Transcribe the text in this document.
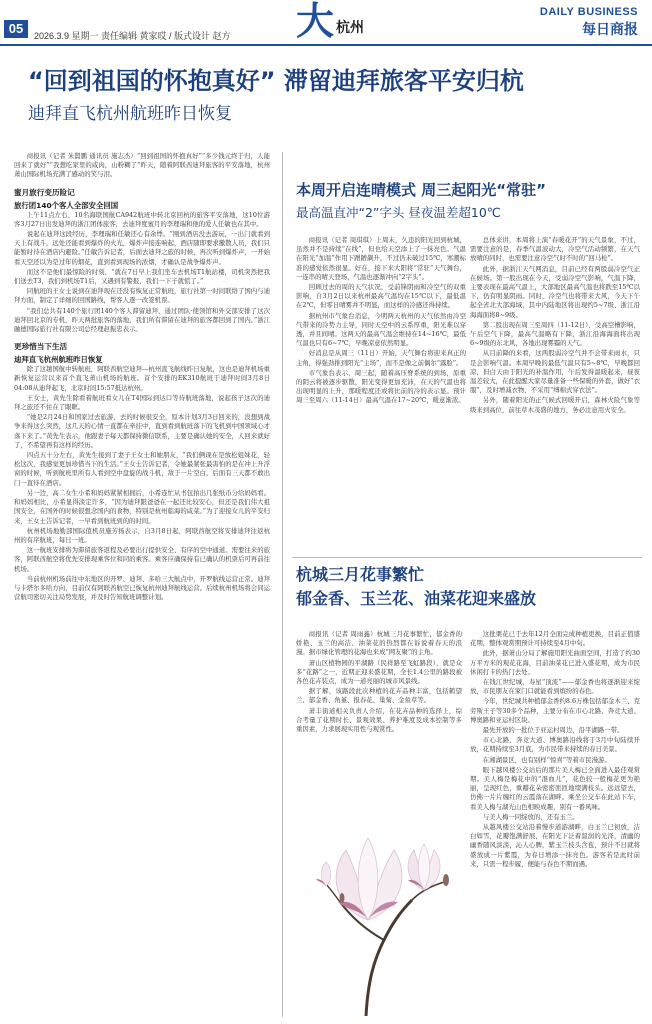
05	2026.3.9 星期一 责任编辑 黄家哎 / 版式设计 赵方 大 杭州
DAILY BUSINESS
每日商报
“回到祖国的怀抱真好” 滞留迪拜旅客平安归杭
迪拜直飞杭州航班昨日恢复

商报讯（记者 朱賢鹏 通讯员 施志杰）“回到祖国的怀抱真好”“多少钱元终于归，人能回来了就好”“我想吃家里的咸肉，山粉糊了”昨天，随着阿联酋迪拜旅客的平安落地，杭州萧山国际机场充满了感动的笑与泪。

蜜月旅行变历险记
旅行团140个客人全部安全回国

上午11点左右，10名海联国航CA942航班中转北京回杭的旅客平安落地，这10位游客3月27日出发迪拜的浙江团体旅客，去迪拜度蜜月的李理瑞和他的爱人任敏也在其中。

说起在迪拜这段经历，李理瑞和任敏还心有余悸。“刚到酒店没去游玩，一出门就看到天上有战斗，远处还能看到爆炸的火光，爆炸声接连响起，酒店随即要求撤散人员，我们只能暂时待在酒店内避险。”任敏告诉记者，后面去迪拜之旅的时候，再次听到爆炸声，一开始看天空还以为是过年的烟花，直到看到现场的浓烟，才确认是战争爆炸声。

而这不是他们最惊险的时刻，“就在7日早上我们坐车去机场T1航站楼，司机突然把我们送去T3，我们到机场T1后，又遇到有警报，我们一下子就慌了。”

同航班的王女士说到在迪拜现在还没有恢复正常航班，旅行社第一时间联络了国内与迪拜方面，制定了详细的回国路线，帮客人逐一改签机票。

“我们总共有140个旅行团140个客人滞留迪拜，通过团队·使领馆和外交部安排了这次迪拜回北京的专机，昨天两批旅客的落地，我们所有滞留在迪拜的旅客都回到了国内。”浙江融德国际旅行社有限公司总经理赵振忠表示。

更珍惜当下生活
迪拜直飞杭州航班昨日恢复

除了这趟国航中转航班，阿联酋航空迪拜—杭州直飞航线昨日复航，这也是迪拜机场重新恢复运营以来首个直飞萧山机场的航班。首个安排的EK310航班于迪拜时间3月8日04:08从迪拜起飞，北京时间15:57抵达杭州。

王女士，黄先生除看着航班看女儿在T4国际到达口等待航班落地，说起孩子这次的迪拜之旅还不住在了眼眶。

“她是2月24日和国家过去旅游，去的时候很安全，原本计划3月3日回来的，没想到战争来得这么突然，这几天的心情一直都在牵挂中，直到看到航班落下的飞机到中国领域心才落下来了。”黄先生表示，他跟妻子每天都保持微信联系，主要是确认她的安全，人回来就好了，不希望再有这样的经历。

四点五十分左右，黄先生接到了妻子王女士和她朋友，“我们俩现在是放松姐妹花，轻松这次，我感觉更加珍惜当下的生活。”王女士告诉记者，令她最紧张最害怕的是在冲上升浮窗的时候，听到航班里所有人看到空中盘旋的战斗机，敌于一片空白，后面有三天都不敢出门一直待在酒店。

另一边，高二女生小希和妈妈紧紧相拥后，小希连忙从书包拍出几张纸币分给妈妈看。和妈妈相比，小希显得淡定许多，“因为迪拜跟爸爸在一起还比较安心，但还是我们伟大祖国安全，在国外的时候很想念国内的食物，特别是杭州临海的咸菜。”为了迎接女儿的平安归来，王女士告诉记者，一早看到航班到的的时间。

杭州机场地勤部国际值机员施芳扬表示，自3月8日起，阿联酋航空将安排迪拜往返杭州的有序航班，每日一班。

这一航班安排将为滞留旅客返程及必要出行提供安全、有序的空中通道。需要往来的旅客，阿联酋航空将优先安排现乘客位和同的乘客。乘客应确保持有已确认的机票后可再前往机场。

当前杭州机场前往中东地区的开罗、迪拜、多哈三大航点中，开罗航线运营正常。迪拜与卡塔尔多哈方向，目前仅有阿联酋航空已恢复杭州迪拜航线运营。后续杭州机场将会同运营航司密切关注局势发展，并及时告知航班调整计划。

本周开启连晴模式 周三起阳光“常驻”
最高温直冲“2”字头 昼夜温差超10℃

商报讯（记者 周琪琪）上周末，久违的阳光回到杭城，虽然并不是持续“在线”，但也给天空添上了一抹亮色。气温在阳光“加温”作用下蹭蹭飙升，不过仍未破过15℃，寒潮标准的感觉依然很显。好在，接下来大阳将“常驻”天气舞台，一连串的晴天登场，气温也逐渐冲向“2字头”。

回顾过去的周的天气状况，受前锋阴雨和冷空气的双重影响，自3月2日以来杭州最高气温均在15℃以下，最低温在2℃，但零日晴雾并不明显，而这样的冷感还得持续。

据杭州市气象台消息，今明两天杭州的天气依然由冷空气带来的冷势力主导，同时天空中的云系厚重，阳光难以穿透，并且间晴。这两天的最高气温会维持在14~16℃，最低气温也只有6~7℃，早晚凉意依然明显。

好消息是从周三（11日）开始，天气舞台将迎来真正的主角，得强劲推到阳光“主场”，而不是像之前偶尔“露脸”。

市气象台表示，周三起，随着高压脊系统的到场，原重的阴云将被逐步驱散，阳光变得更加充沛，在天的气温也将出现明显的上升，那暖程度还或将比前的冷的表示显。预计周三至周六（11-14日）最高气温在17~20℃，暖意渐浓。

总体来讲，本周将上演“春暖花开”的天气景象，不过，需要注意的是，春季气温波动大，冷空气活动频繁，在天气放晴的同时，也需要注意冷空气时不时的“回马枪”。

此外，据浙江天气网消息，目前已经有两股弱冷空气正在候场。第一股出现在今天，受弱冷空气影响，气温下降，主要表现在最高气温上，大部地区最高气温也将跌至15℃以下，仍有明显阴雨。同时，冷空气也将带来大风，今天下午起全省北大部海域，其中内陆地区将出现约5~7级、浙江沿海海面将8~9级。

第二股出现在周三至周四（11-12日），受高空槽影响，午后空气下降，最高气温略有下降，浙江沿海海面将出现6~9级的东北风，各地出现雾霾的天气。

从目前降的来看，这两股弱冷空气并不会带来雨水，只是会影响气温。本周早晚的最低气温只有5~8℃，早晚都回凉，但白天由于阳光的补温作用，午后发得温暖起来，昼夜温差较大，在此提醒大家尽量准备一些保暖的外套，做好“衣服”，及时增减衣物，不采用“缚棉式穿衣法”。

另外，随着阳光的正气候式回暖开启，森林火险气象等级来到高位，前往草木茂盛的地方，务必注意用火安全。

杭城三月花事繁忙
郁金香、玉兰花、油菜花迎来盛放

商报讯（记者 周雨鑫）杭城三月花事繁忙，郁金香的娇艳、玉兰的高洁、油菜花的热烈都在诉说着春天的浪漫。据市绿化管理的花海也来成“网友聚”的主角。

萧山区植物园的平湖路（民祥路至飞虹路段），就是众多“花路”之一，近期正迎来盛花期，全长1.4公里的路段被各色花卉装点，成为一道亮丽的城市风景线。

据了解，该路段此次种植的花卉品种丰富，包括鹤望兰、郁金香、角堇、报春花、巢菊、金鱼草等。

萧丰街道相关负责人介绍，在花卉品种的选择上，综合考量了花期时长、景观效果、养护难度及成本控制等多重因素，力求展现实用性与观赏性。

这批栗花已于去年12月全面完成种植更换，目前正值盛花期，整体观赏期预计可持续至4月中旬。

此外，据萧山分局了解施用阳光曲面空间，打造了约30万平方米的观花花海，目前油菜花已进入盛花期，成为市民休闲打卡的热门去处。

在钱江世纪城，寿星“顶流”——郁金香也将逐渐迎来绽放，市民朋友在家门口就能看到缤纷的春色。

今年，世纪城共种植郁金香约8.6万株包括郁金木兰、克劳斯王子等30多个品种，主要分布在市心北路、奔竞大道、博奥路和亚运村区块。

最先开放的一批位于亚运村周边，沿平湖路一带。

市心北路、奔竞大道、博奥路沿线将于3月中旬陆续开放，花期持续至3月底，为市民带来持续的春日美景。

在湘湖景区，也有别样“惊喜”等着市民漫游。

眼下越风楼公交站后的那片美人梅已全面进入最佳观赏期。美人梅是梅花中的“混血儿”，花色较一般梅花更为艳丽，呈现红色，重瓣花朵密密匝匝地缀满枝头。远远望去，仿佛一片片缠红的云霞落在湖畔。乘坐公交车在此站下车，看美人梅与湖光山色相映成趣，别有一番风味。

与美人梅一同绽放的，还有玉兰。

从越风楼公交站沿着慢步道游湖畔，白玉兰已初放，洁白如雪，花瓣饱满舒展，在阳光下泛着温润的光泽，清幽的幽香随风淡淡，沁人心脾，紫玉兰枝头含苞，预计不日就将盛放成一片紫霞，为春日增添一抹亮色。游客若是此时前来，只需一程步履，便能与春色不期而遇。
